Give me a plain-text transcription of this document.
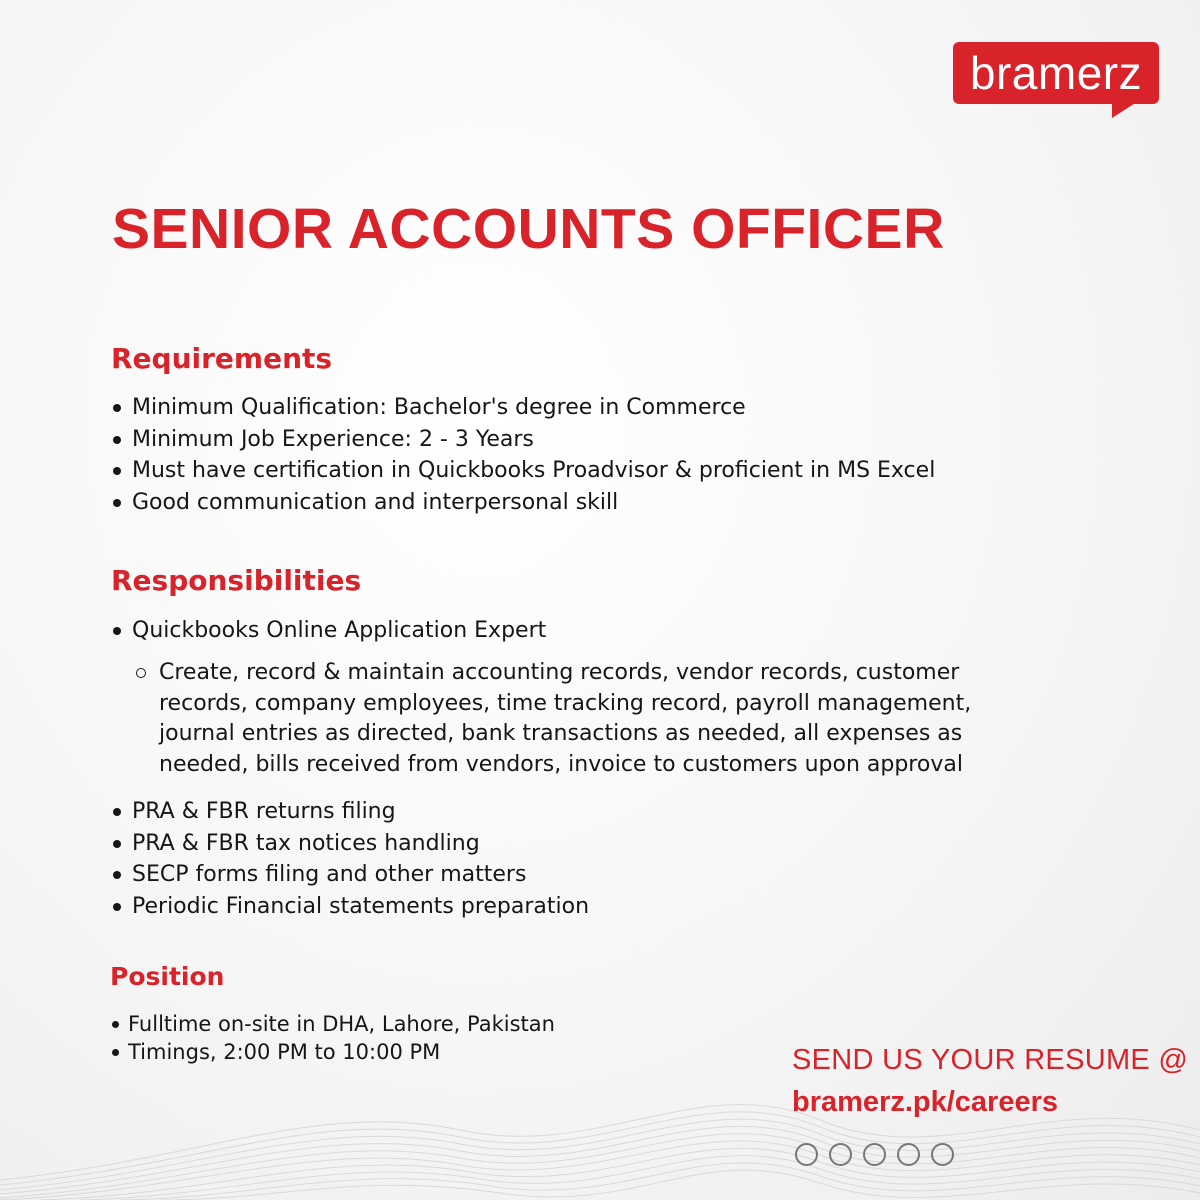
bramerz
SENIOR ACCOUNTS OFFICER
Requirements
Minimum Qualification: Bachelor's degree in Commerce
Minimum Job Experience: 2 - 3 Years
Must have certification in Quickbooks Proadvisor & proficient in MS Excel
Good communication and interpersonal skill
Responsibilities
Quickbooks Online Application Expert
Create, record & maintain accounting records, vendor records, customer records, company employees, time tracking record, payroll management, journal entries as directed, bank transactions as needed, all expenses as needed, bills received from vendors, invoice to customers upon approval
PRA & FBR returns filing
PRA & FBR tax notices handling
SECP forms filing and other matters
Periodic Financial statements preparation
Position
Fulltime on-site in DHA, Lahore, Pakistan
Timings, 2:00 PM to 10:00 PM	SEND US YOUR RESUME @
bramerz.pk/careers
